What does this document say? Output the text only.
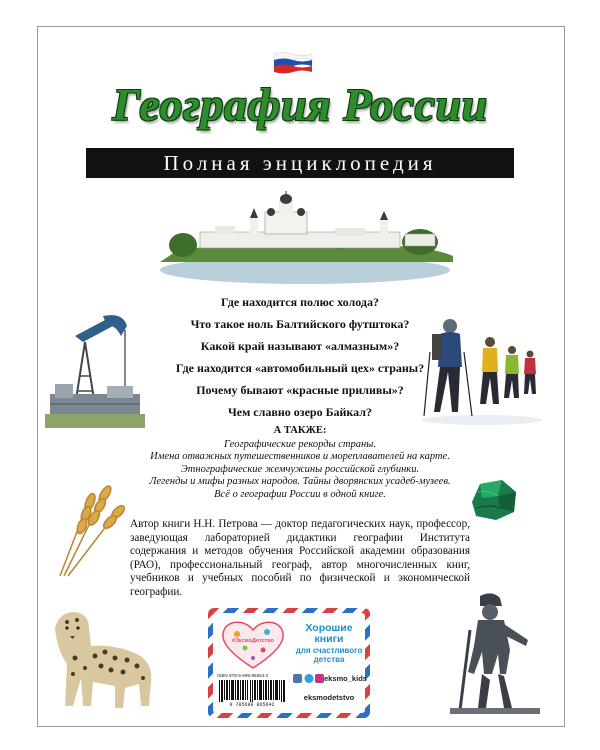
География России
Полная энциклопедия
Где находится полюс холода?
Что такое ноль Балтийского футштока?
Какой край называют «алмазным»?
Где находится «автомобильный цех» страны?
Почему бывают «красные приливы»?
Чем славно озеро Байкал?
А ТАКЖЕ:
Географические рекорды страны.
Имена отважных путешественников и мореплавателей на карте.
Этнографические жемчужины российской глубинки.
Легенды и мифы разных народов. Тайны дворянских усадеб-музеев.
Всё о географии России в одной книге.
Автор книги Н.Н. Петрова — доктор педагогических наук, профессор, заведующая лабораторией дидактики географии Института содержания и методов обучения Российской академии образования (РАО), профессиональный географ, автор многочисленных книг, учебников и учебных пособий по физической и экономической географии.
#ЭксмоДетство
Хорошие книги
для счастливого детства
ISBN 978-5-699-86564-2
9 785699 865642
eksmo_kids
eksmodetstvo
